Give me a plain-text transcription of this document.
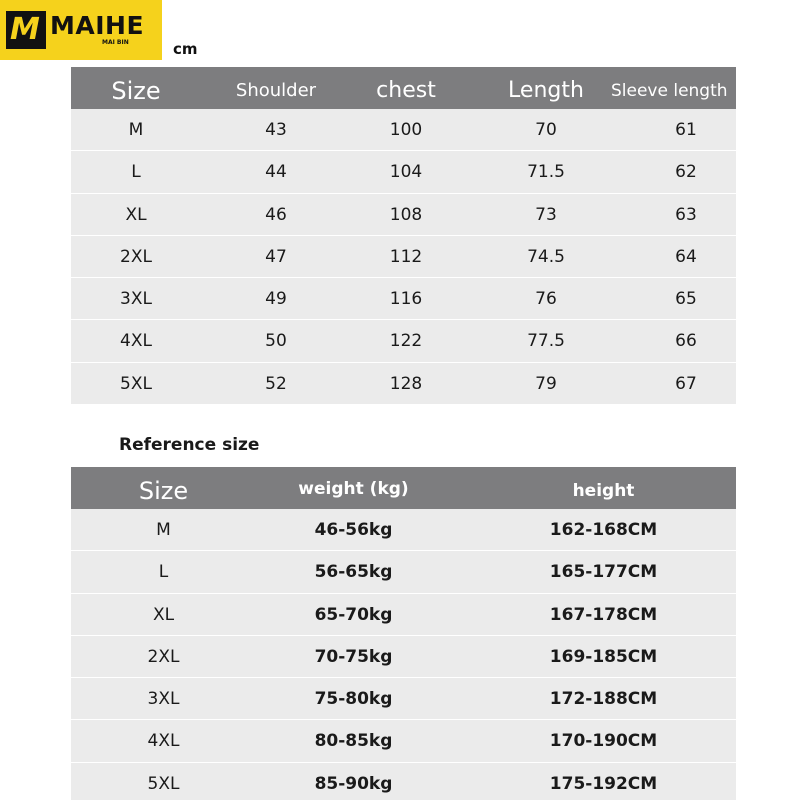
M MAIHE
MAI BIN	cm
Size	Shoulder	chest	Length	Sleeve length
M	43	100	70	61
L	44	104	71.5	62
XL	46	108	73	63
2XL	47	112	74.5	64
3XL	49	116	76	65
4XL	50	122	77.5	66
5XL	52	128	79	67
Reference size
Size	weight (kg)	height
M	46-56kg	162-168CM
L	56-65kg	165-177CM
XL	65-70kg	167-178CM
2XL	70-75kg	169-185CM
3XL	75-80kg	172-188CM
4XL	80-85kg	170-190CM
5XL	85-90kg	175-192CM
